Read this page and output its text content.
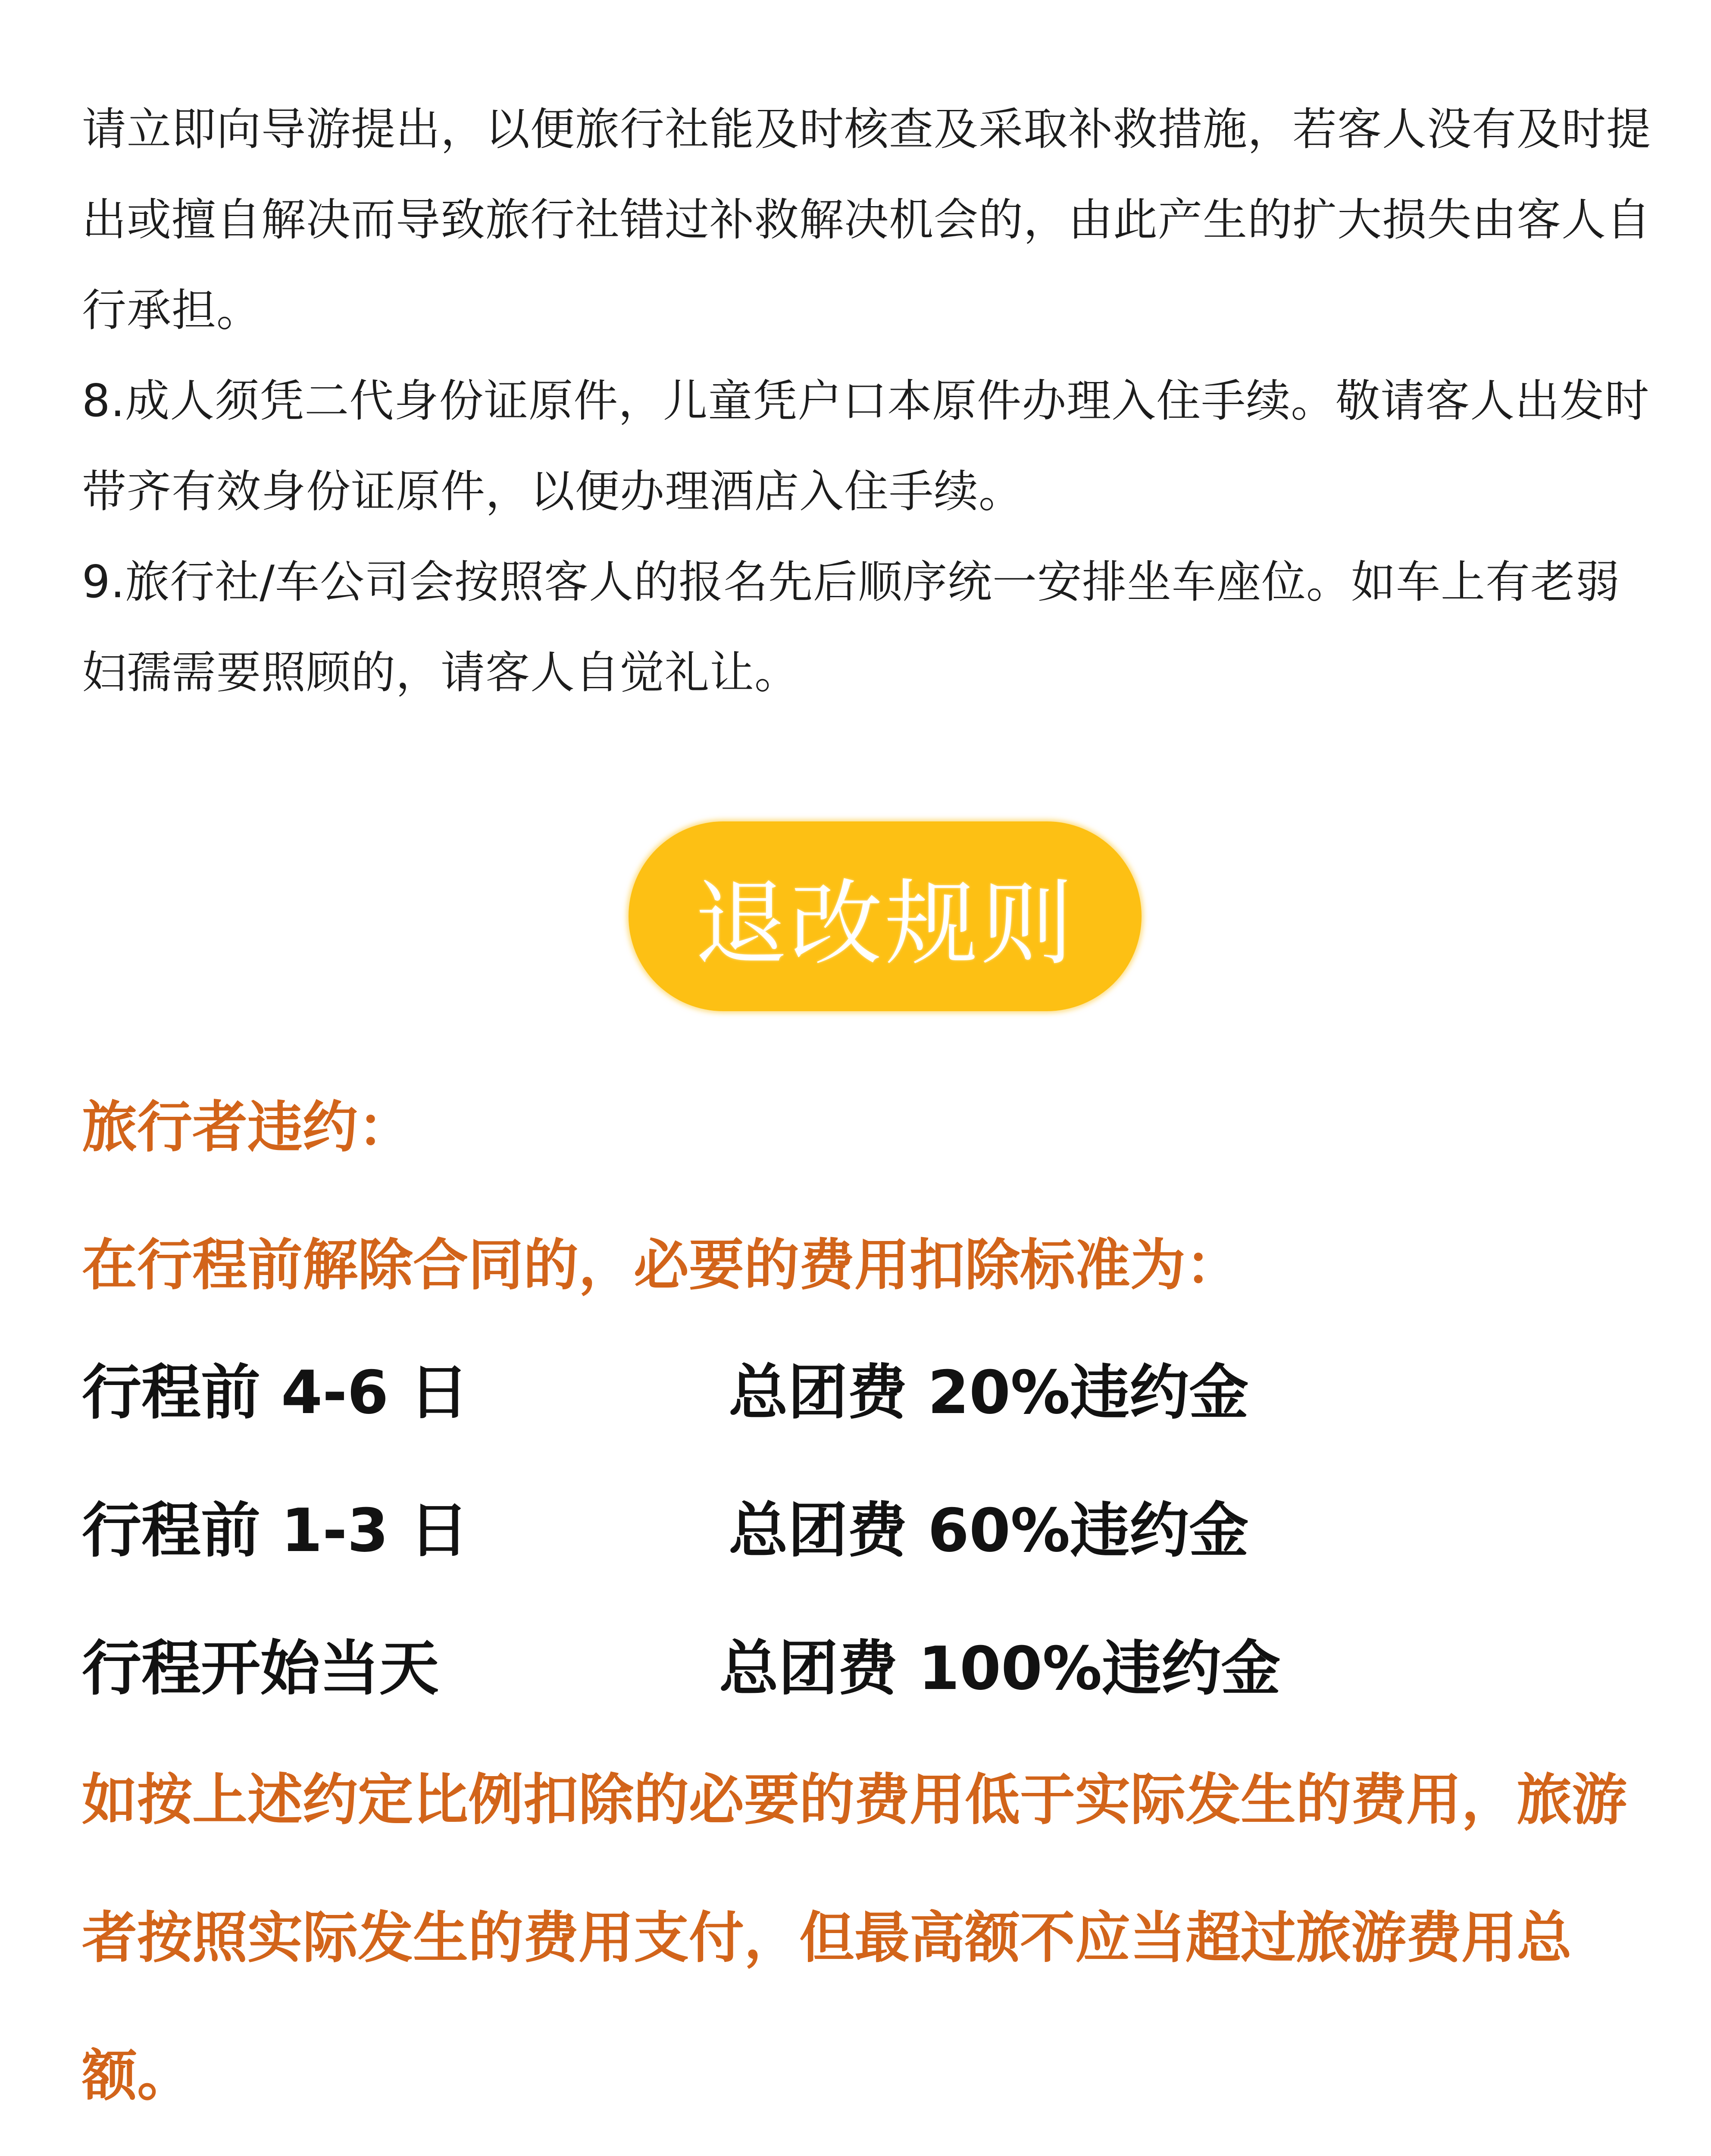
请立即向导游提出，以便旅行社能及时核查及采取补救措施，若客人没有及时提出或擅自解决而导致旅行社错过补救解决机会的，由此产生的扩大损失由客人自行承担。

8.成人须凭二代身份证原件，儿童凭户口本原件办理入住手续。敬请客人出发时带齐有效身份证原件，以便办理酒店入住手续。

9.旅行社/车公司会按照客人的报名先后顺序统一安排坐车座位。如车上有老弱妇孺需要照顾的，请客人自觉礼让。

退改规则

旅行者违约：

在行程前解除合同的，必要的费用扣除标准为：

行程前 4-6 日	总团费 20%违约金
行程前 1-3 日	总团费 60%违约金
行程开始当天	总团费 100%违约金

如按上述约定比例扣除的必要的费用低于实际发生的费用，旅游者按照实际发生的费用支付，但最高额不应当超过旅游费用总额。
